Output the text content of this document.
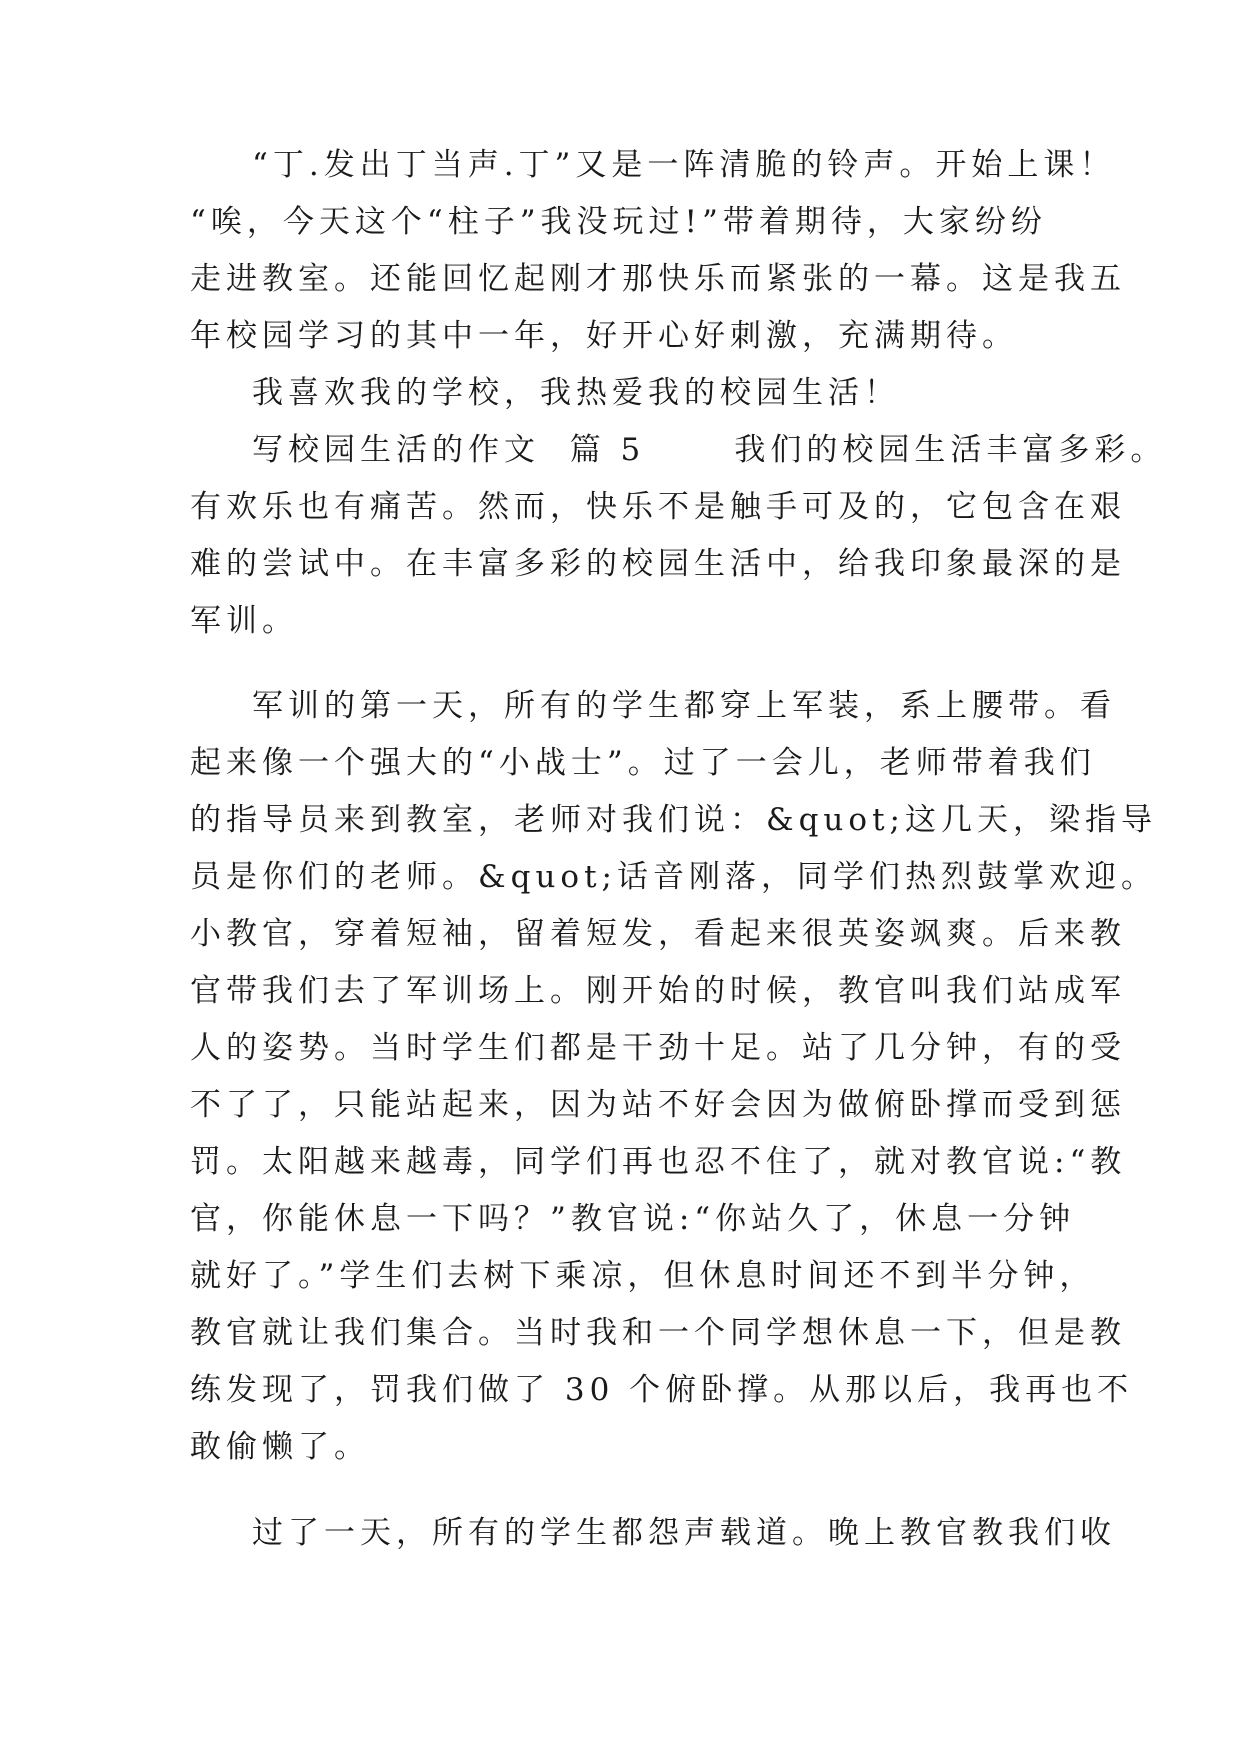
“丁.发出丁当声.丁”又是一阵清脆的铃声。开始上课！
“唉，今天这个“柱子”我没玩过!”带着期待，大家纷纷
走进教室。还能回忆起刚才那快乐而紧张的一幕。这是我五
年校园学习的其中一年，好开心好刺激，充满期待。
我喜欢我的学校，我热爱我的校园生活！
写校园生活的作文  篇 5      我们的校园生活丰富多彩。
有欢乐也有痛苦。然而，快乐不是触手可及的，它包含在艰
难的尝试中。在丰富多彩的校园生活中，给我印象最深的是
军训。
军训的第一天，所有的学生都穿上军装，系上腰带。看
起来像一个强大的“小战士”。过了一会儿，老师带着我们
的指导员来到教室，老师对我们说：&quot;这几天，梁指导
员是你们的老师。&quot;话音刚落，同学们热烈鼓掌欢迎。
小教官，穿着短袖，留着短发，看起来很英姿飒爽。后来教
官带我们去了军训场上。刚开始的时候，教官叫我们站成军
人的姿势。当时学生们都是干劲十足。站了几分钟，有的受
不了了，只能站起来，因为站不好会因为做俯卧撑而受到惩
罚。太阳越来越毒，同学们再也忍不住了，就对教官说:“教
官，你能休息一下吗？”教官说:“你站久了，休息一分钟
就好了。”学生们去树下乘凉，但休息时间还不到半分钟，
教官就让我们集合。当时我和一个同学想休息一下，但是教
练发现了，罚我们做了 30 个俯卧撑。从那以后，我再也不
敢偷懒了。
过了一天，所有的学生都怨声载道。晚上教官教我们收
